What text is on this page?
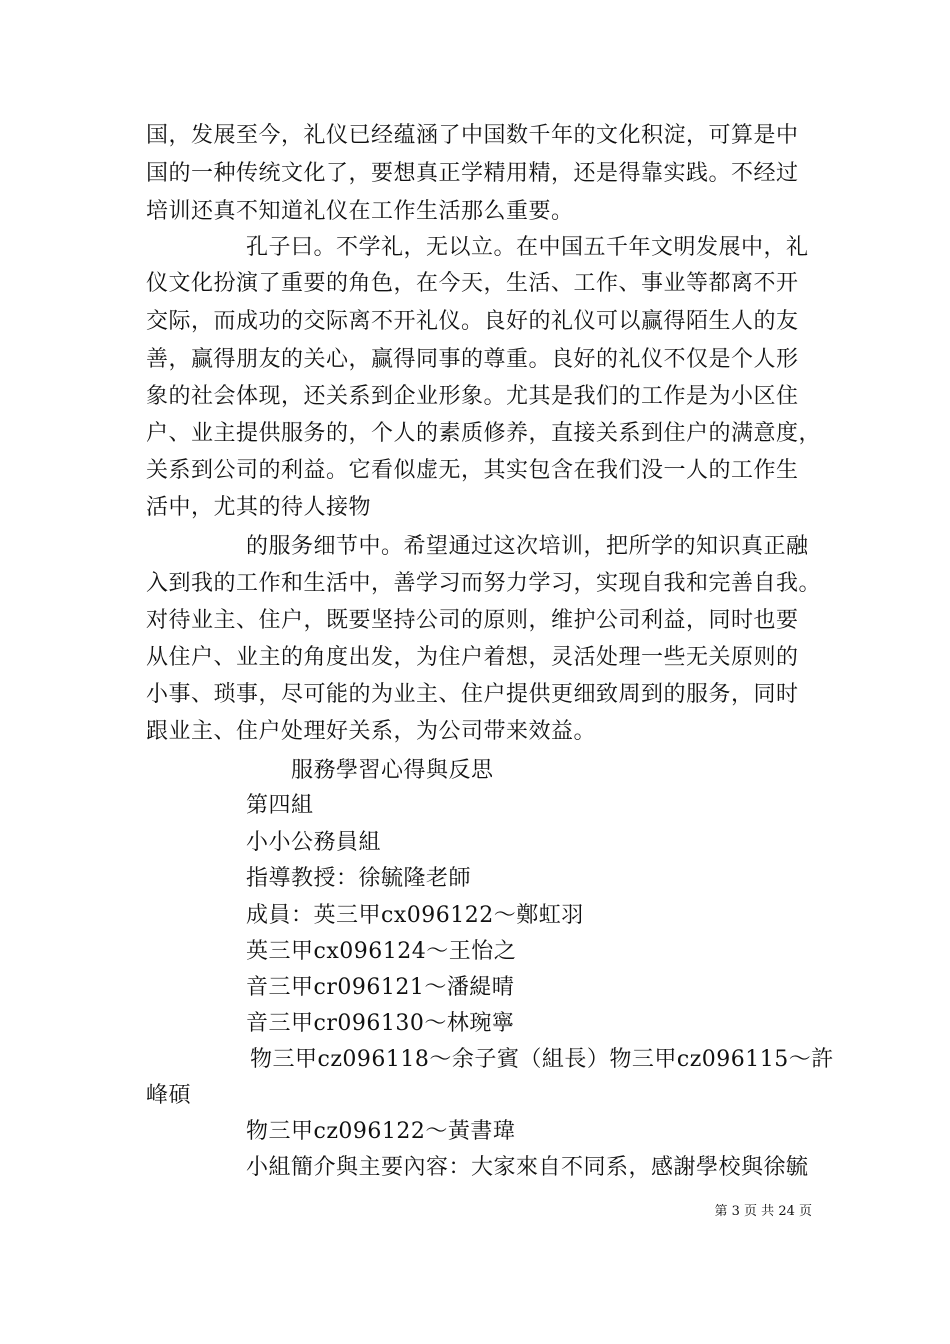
国，发展至今，礼仪已经蕴涵了中国数千年的文化积淀，可算是中
国的一种传统文化了，要想真正学精用精，还是得靠实践。不经过
培训还真不知道礼仪在工作生活那么重要。
孔子曰。不学礼，无以立。在中国五千年文明发展中，礼
仪文化扮演了重要的角色，在今天，生活、工作、事业等都离不开
交际，而成功的交际离不开礼仪。良好的礼仪可以赢得陌生人的友
善，赢得朋友的关心，赢得同事的尊重。良好的礼仪不仅是个人形
象的社会体现，还关系到企业形象。尤其是我们的工作是为小区住
户、业主提供服务的，个人的素质修养，直接关系到住户的满意度，
关系到公司的利益。它看似虚无，其实包含在我们没一人的工作生
活中，尤其的待人接物
的服务细节中。希望通过这次培训，把所学的知识真正融
入到我的工作和生活中，善学习而努力学习，实现自我和完善自我。
对待业主、住户，既要坚持公司的原则，维护公司利益，同时也要
从住户、业主的角度出发，为住户着想，灵活处理一些无关原则的
小事、琐事，尽可能的为业主、住户提供更细致周到的服务，同时
跟业主、住户处理好关系，为公司带来效益。
服務學習心得與反思
第四組
小小公務員組
指導教授：徐毓隆老師
成員：英三甲cx096122～鄭虹羽
英三甲cx096124～王怡之
音三甲cr096121～潘緹晴
音三甲cr096130～林琬寧
物三甲cz096118～余子賓（組長）物三甲cz096115～許
峰碩
物三甲cz096122～黃書瑋
小組簡介與主要內容：大家來自不同系，感謝學校與徐毓
第 3 页 共 24 页
